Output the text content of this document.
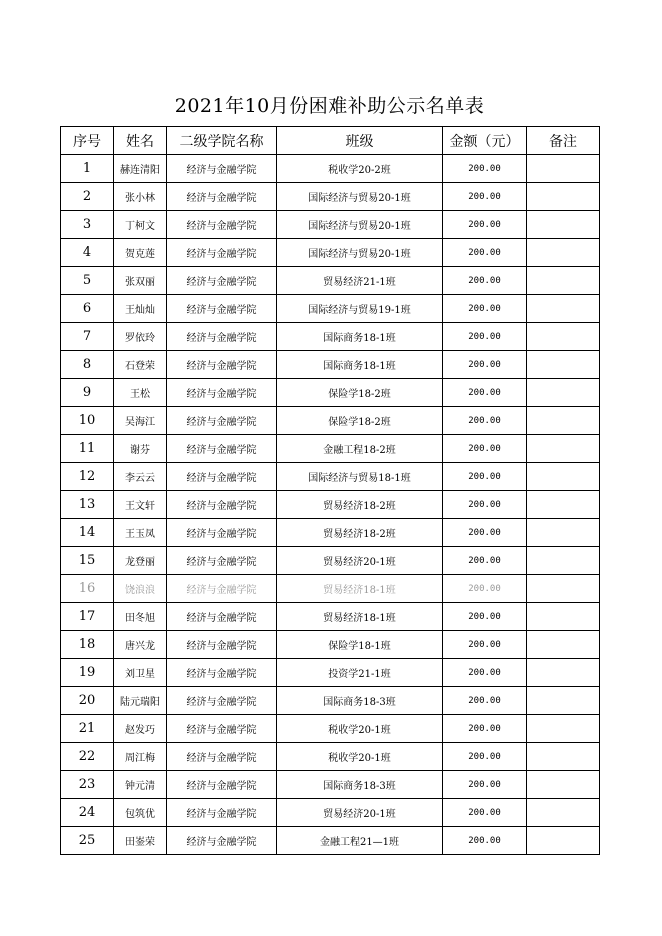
2021年10月份困难补助公示名单表
序号	姓名	二级学院名称	班级	金额（元）	备注
1	赫连清阳	经济与金融学院	税收学20-2班	200.00	
2	张小林	经济与金融学院	国际经济与贸易20-1班	200.00	
3	丁柯文	经济与金融学院	国际经济与贸易20-1班	200.00	
4	贺克莲	经济与金融学院	国际经济与贸易20-1班	200.00	
5	张双丽	经济与金融学院	贸易经济21-1班	200.00	
6	王灿灿	经济与金融学院	国际经济与贸易19-1班	200.00	
7	罗依玲	经济与金融学院	国际商务18-1班	200.00	
8	石登荣	经济与金融学院	国际商务18-1班	200.00	
9	王松	经济与金融学院	保险学18-2班	200.00	
10	吴海江	经济与金融学院	保险学18-2班	200.00	
11	谢芬	经济与金融学院	金融工程18-2班	200.00	
12	李云云	经济与金融学院	国际经济与贸易18-1班	200.00	
13	王文轩	经济与金融学院	贸易经济18-2班	200.00	
14	王玉凤	经济与金融学院	贸易经济18-2班	200.00	
15	龙登丽	经济与金融学院	贸易经济20-1班	200.00	
16	饶浪浪	经济与金融学院	贸易经济18-1班	200.00	
17	田冬旭	经济与金融学院	贸易经济18-1班	200.00	
18	唐兴龙	经济与金融学院	保险学18-1班	200.00	
19	刘卫星	经济与金融学院	投资学21-1班	200.00	
20	陆元瑞阳	经济与金融学院	国际商务18-3班	200.00	
21	赵发巧	经济与金融学院	税收学20-1班	200.00	
22	周江梅	经济与金融学院	税收学20-1班	200.00	
23	钟元清	经济与金融学院	国际商务18-3班	200.00	
24	包筑优	经济与金融学院	贸易经济20-1班	200.00	
25	田崟荣	经济与金融学院	金融工程21—1班	200.00	
